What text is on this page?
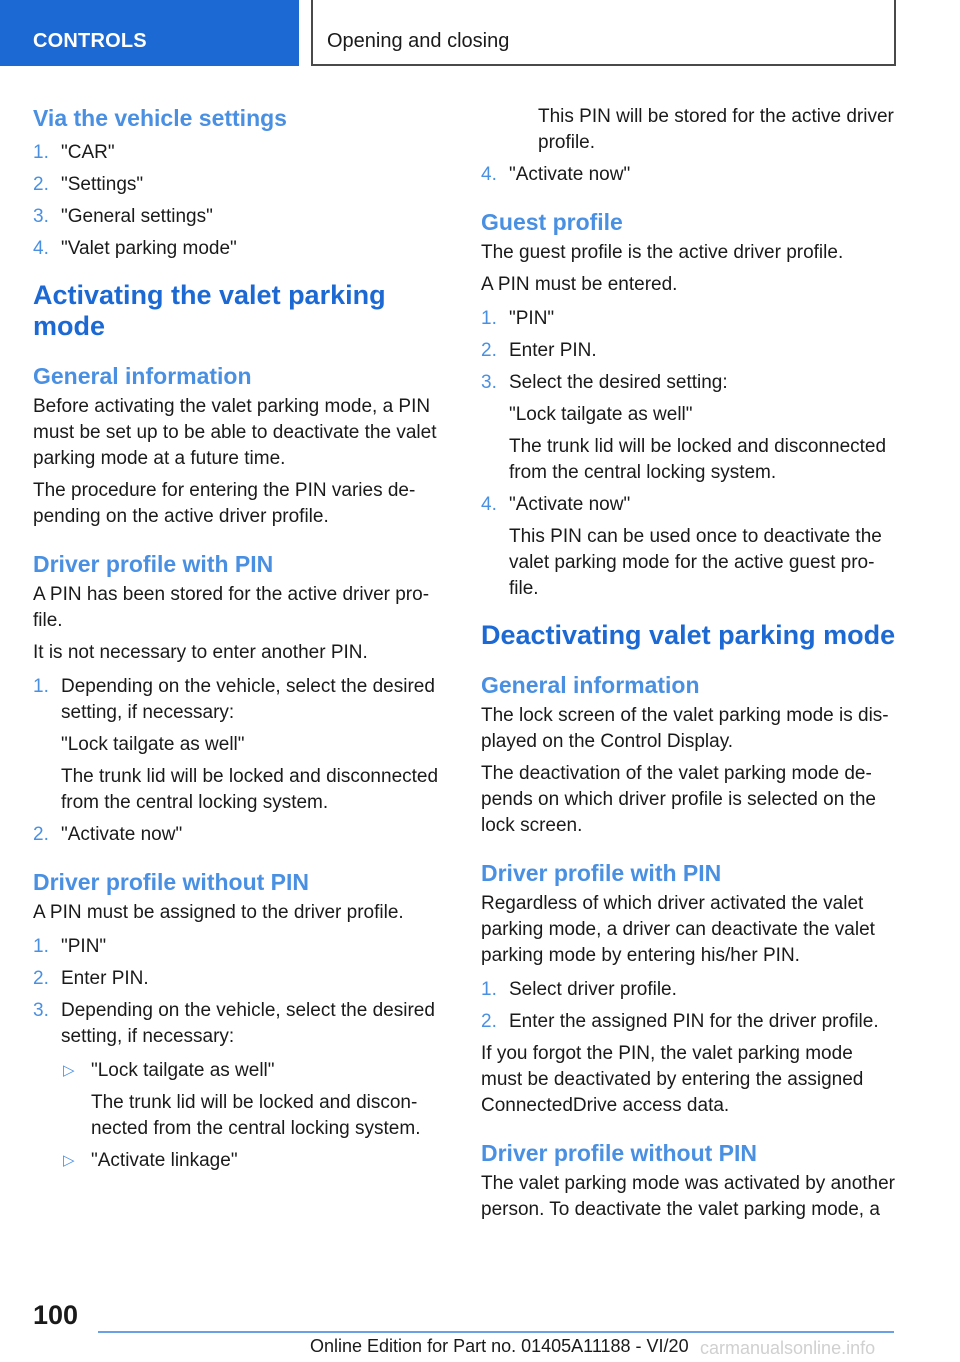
CONTROLS	Opening and closing
Via the vehicle settings
1. "CAR"
2. "Settings"
3. "General settings"
4. "Valet parking mode"
Activating the valet parking mode
General information

Before activating the valet parking mode, a PIN must be set up to be able to deactivate the valet parking mode at a future time.

The procedure for entering the PIN varies de-pending on the active driver profile.

Driver profile with PIN

A PIN has been stored for the active driver pro-file.

It is not necessary to enter another PIN.

1. Depending on the vehicle, select the desired setting, if necessary:
"Lock tailgate as well"
The trunk lid will be locked and disconnected from the central locking system.
2. "Activate now"
Driver profile without PIN

A PIN must be assigned to the driver profile.

1. "PIN"
2. Enter PIN.
3. Depending on the vehicle, select the desired setting, if necessary:
▷ "Lock tailgate as well"
The trunk lid will be locked and discon-nected from the central locking system.
▷ "Activate linkage"

This PIN will be stored for the active driver profile.

4. "Activate now"
Guest profile

The guest profile is the active driver profile.

A PIN must be entered.

1. "PIN"
2. Enter PIN.
3. Select the desired setting:
"Lock tailgate as well"
The trunk lid will be locked and disconnected from the central locking system.
4. "Activate now"
This PIN can be used once to deactivate the valet parking mode for the active guest pro-file.
Deactivating valet parking mode
General information

The lock screen of the valet parking mode is dis-played on the Control Display.

The deactivation of the valet parking mode de-pends on which driver profile is selected on the lock screen.

Driver profile with PIN

Regardless of which driver activated the valet parking mode, a driver can deactivate the valet parking mode by entering his/her PIN.

1. Select driver profile.
2. Enter the assigned PIN for the driver profile.

If you forgot the PIN, the valet parking mode must be deactivated by entering the assigned ConnectedDrive access data.

Driver profile without PIN

The valet parking mode was activated by another person. To deactivate the valet parking mode, a

100
Online Edition for Part no. 01405A11188 - VI/20 carmanualsonline.info
